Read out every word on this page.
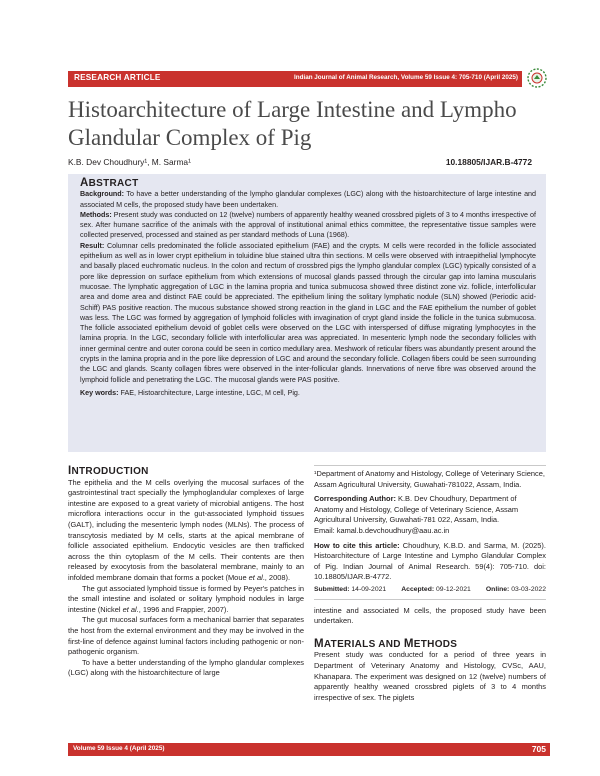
RESEARCH ARTICLE	Indian Journal of Animal Research, Volume 59 Issue 4: 705-710 (April 2025)
Histoarchitecture of Large Intestine and Lympho Glandular Complex of Pig
K.B. Dev Choudhury¹, M. Sarma¹	10.18805/IJAR.B-4772
ABSTRACT

Background: To have a better understanding of the lympho glandular complexes (LGC) along with the histoarchitecture of large intestine and associated M cells, the proposed study have been undertaken.

Methods: Present study was conducted on 12 (twelve) numbers of apparently healthy weaned crossbred piglets of 3 to 4 months irrespective of sex. After humane sacrifice of the animals with the approval of institutional animal ethics committee, the representative tissue samples were collected preserved, processed and stained as per standard methods of Luna (1968).

Result: Columnar cells predominated the follicle associated epithelium (FAE) and the crypts. M cells were recorded in the follicle associated epithelium as well as in lower crypt epithelium in toluidine blue stained ultra thin sections. M cells were observed with intraepithelial lymphocyte and basally placed euchromatic nucleus. In the colon and rectum of crossbred pigs the lympho glandular complex (LGC) typically consisted of a pore like depression on surface epithelium from which extensions of mucosal glands passed through the circular gap into lamina muscularis mucosae. The lymphatic aggregation of LGC in the lamina propria and tunica submucosa showed three distinct zone viz. follicle, interfollicular area and dome area and distinct FAE could be appreciated. The epithelium lining the solitary lymphatic nodule (SLN) showed (Periodic acid-Schiff) PAS positive reaction. The mucous substance showed strong reaction in the gland in LGC and the FAE epithelium the number of goblet was less. The LGC was formed by aggregation of lymphoid follicles with invagination of crypt gland inside the follicle in the tunica submucosa. The follicle associated epithelium devoid of goblet cells were observed on the LGC with interspersed of diffuse migrating lymphocytes in the lamina propria. In the LGC, secondary follicle with interfollicular area was appreciated. In mesenteric lymph node the secondary follicles with inner germinal centre and outer corona could be seen in cortico medullary area. Meshwork of reticular fibers was abundantly present around the crypts in the lamina propria and in the pore like depression of LGC and around the secondary follicle. Collagen fibers could be seen surrounding the LGC and glands. Scanty collagen fibres were observed in the inter-follicular glands. Innervations of nerve fibre was observed around the lymphoid follicle and penetrating the LGC. The mucosal glands were PAS positive.

Key words: FAE, Histoarchitecture, Large intestine, LGC, M cell, Pig.

INTRODUCTION

The epithelia and the M cells overlying the mucosal surfaces of the gastrointestinal tract specially the lymphoglandular complexes of large intestine are exposed to a great variety of microbial antigens. The host microflora interactions occur in the gut-associated lymphoid tissues (GALT), including the mesenteric lymph nodes (MLNs). The process of transcytosis mediated by M cells, starts at the apical membrane of follicle associated epithelium. Endocytic vesicles are then trafficked across the thin cytoplasm of the M cells. Their contents are then released by exocytosis from the basolateral membrane, mainly to an infolded membrane domain that forms a pocket (Moue et al., 2008).

The gut associated lymphoid tissue is formed by Peyer's patches in the small intestine and isolated or solitary lymphoid nodules in large intestine (Nickel et al., 1996 and Frappier, 2007).

The gut mucosal surfaces form a mechanical barrier that separates the host from the external environment and they may be involved in the first-line of defence against luminal factors including pathogenic or non-pathogenic organism.

To have a better understanding of the lympho glandular complexes (LGC) along with the histoarchitecture of large

¹Department of Anatomy and Histology, College of Veterinary Science, Assam Agricultural University, Guwahati-781022, Assam, India.

Corresponding Author: K.B. Dev Choudhury, Department of Anatomy and Histology, College of Veterinary Science, Assam Agricultural University, Guwahati-781 022, Assam, India.

Email: kamal.b.devchoudhury@aau.ac.in

How to cite this article: Choudhury, K.B.D. and Sarma, M. (2025). Histoarchitecture of Large Intestine and Lympho Glandular Complex of Pig. Indian Journal of Animal Research. 59(4): 705-710. doi: 10.18805/IJAR.B-4772.

Submitted: 14-09-2021 Accepted: 09-12-2021 Online: 03-03-2022

intestine and associated M cells, the proposed study have been undertaken.

MATERIALS AND METHODS

Present study was conducted for a period of three years in Department of Veterinary Anatomy and Histology, CVSc, AAU, Khanapara. The experiment was designed on 12 (twelve) numbers of apparently healthy weaned crossbred piglets of 3 to 4 months irrespective of sex. The piglets

Volume 59 Issue 4 (April 2025)	705
